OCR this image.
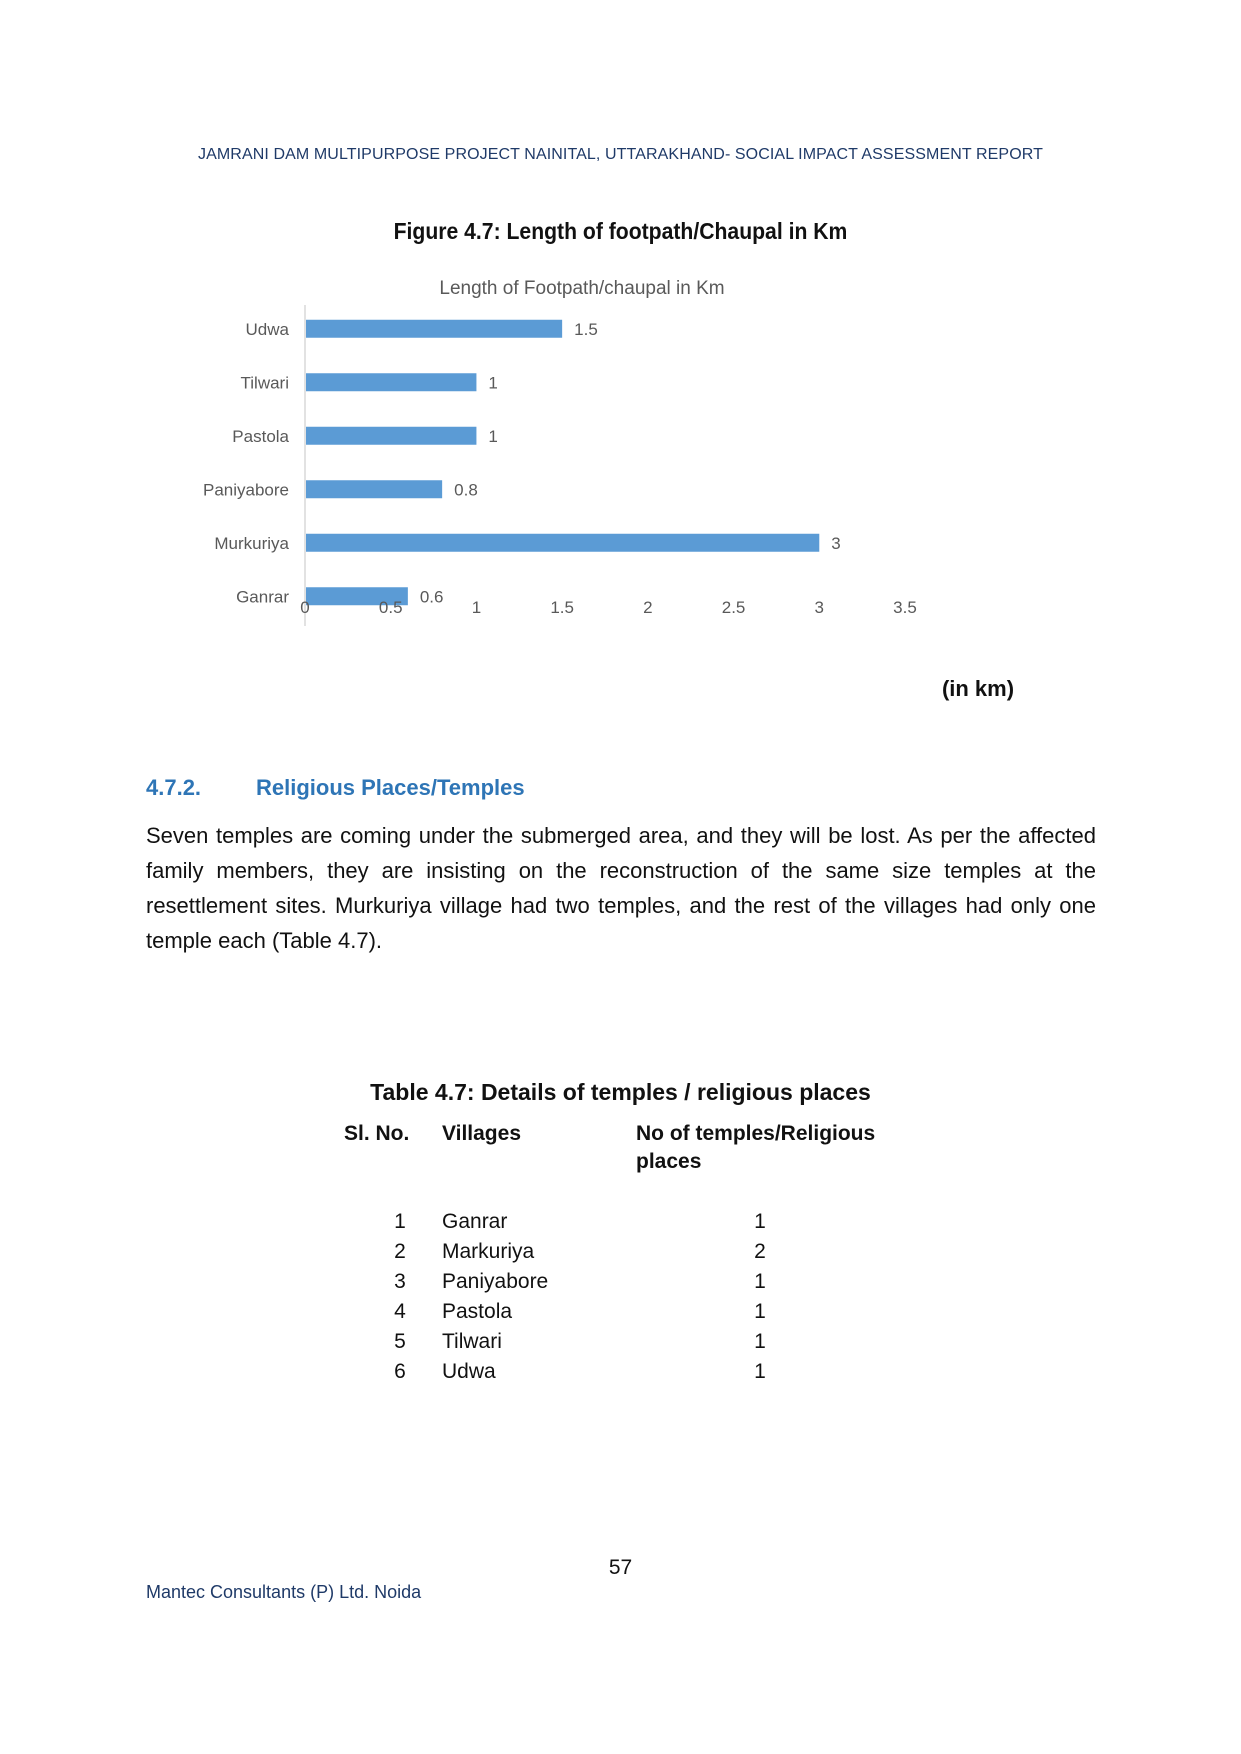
JAMRANI DAM MULTIPURPOSE PROJECT NAINITAL, UTTARAKHAND- SOCIAL IMPACT ASSESSMENT REPORT
Figure 4.7: Length of footpath/Chaupal in Km
Length of Footpath/chaupal in Km
Udwa	1.5
Tilwari	1
Pastola	1
Paniyabore	0.8
Murkuriya	3
Ganrar	0.6
0	0.5	1	1.5	2	2.5	3	3.5
(in km)
4.7.2. Religious Places/Temples
Seven temples are coming under the submerged area, and they will be lost. As per the affected family members, they are insisting on the reconstruction of the same size temples at the resettlement sites. Murkuriya village had two temples, and the rest of the villages had only one temple each (Table 4.7).
Table 4.7: Details of temples / religious places
Sl. No. Villages	No of temples/Religious places
1	Ganrar	1
2	Markuriya	2
3	Paniyabore	1
4	Pastola	1
5	Tilwari	1
6	Udwa	1
57
Mantec Consultants (P) Ltd. Noida
